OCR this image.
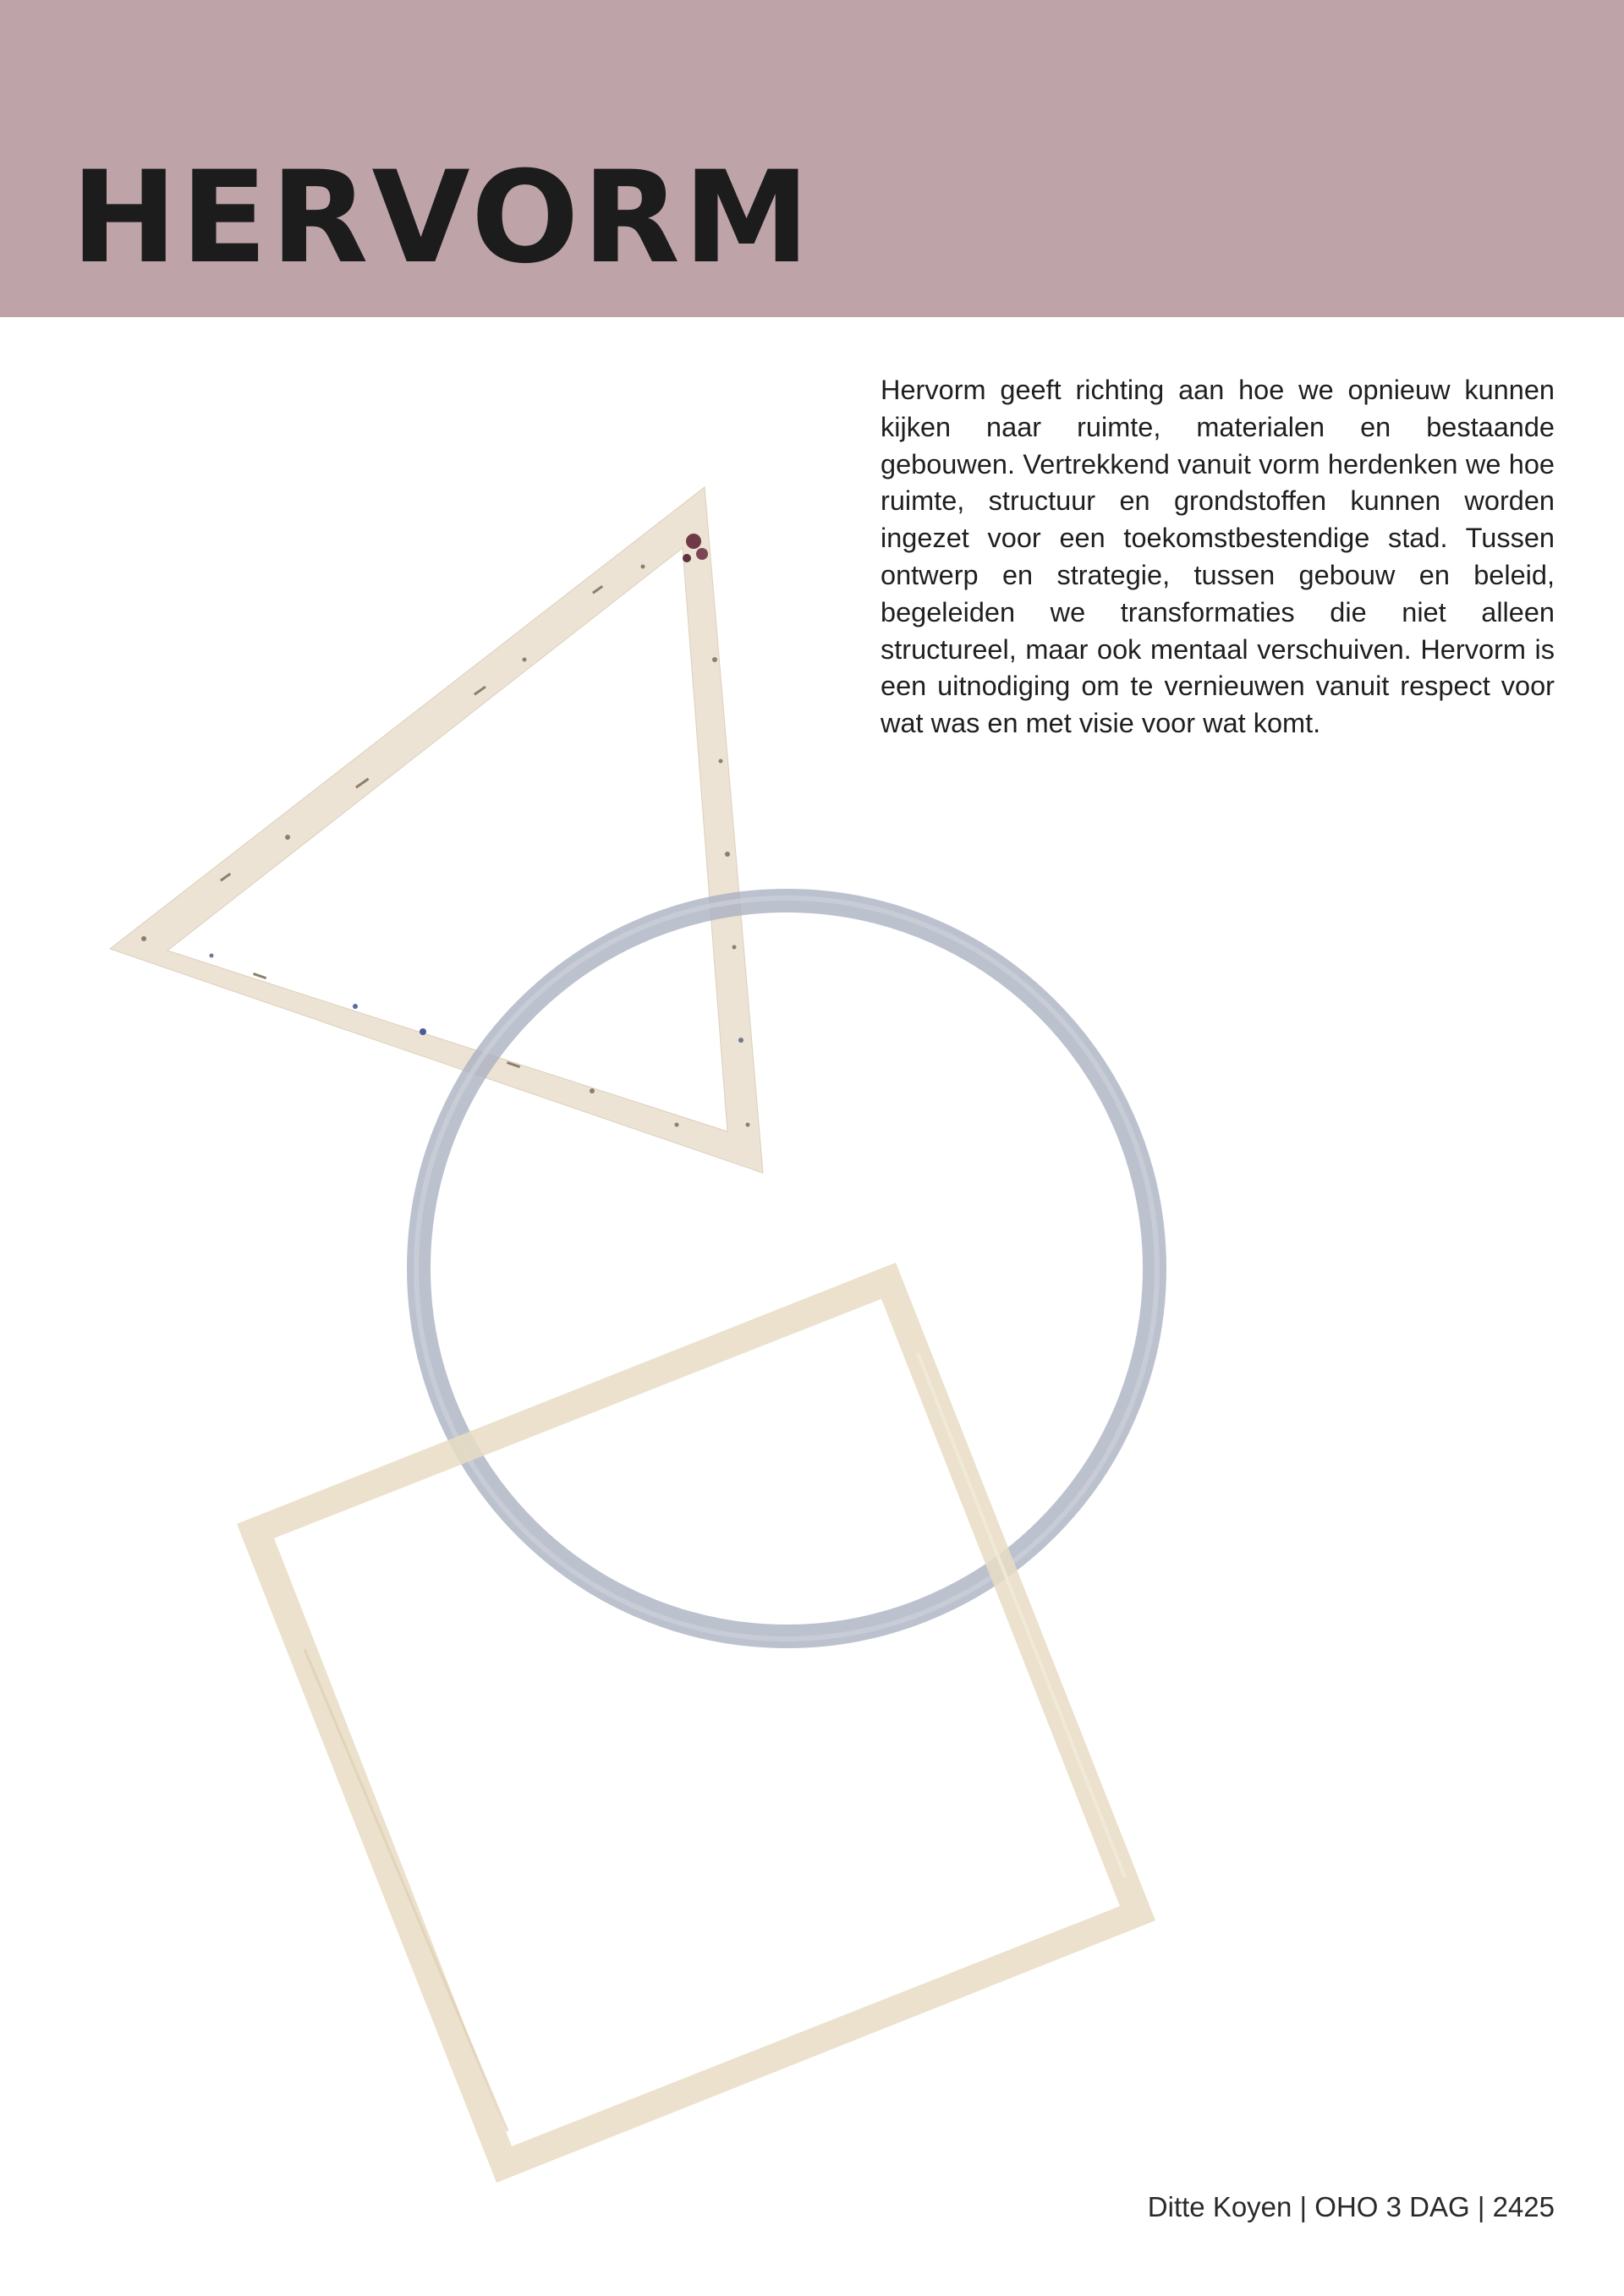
HERVORM

Hervorm geeft richting aan hoe we opnieuw kunnen kijken naar ruimte, materialen en bestaande gebouwen. Vertrekkend vanuit vorm herdenken we hoe ruimte, structuur en grondstoffen kunnen worden ingezet voor een toekomstbestendige stad. Tussen ontwerp en strategie, tussen gebouw en beleid, begeleiden we transformaties die niet alleen structureel, maar ook mentaal verschuiven. Hervorm is een uitnodiging om te vernieuwen vanuit respect voor wat was en met visie voor wat komt.

Ditte Koyen | OHO 3 DAG | 2425
